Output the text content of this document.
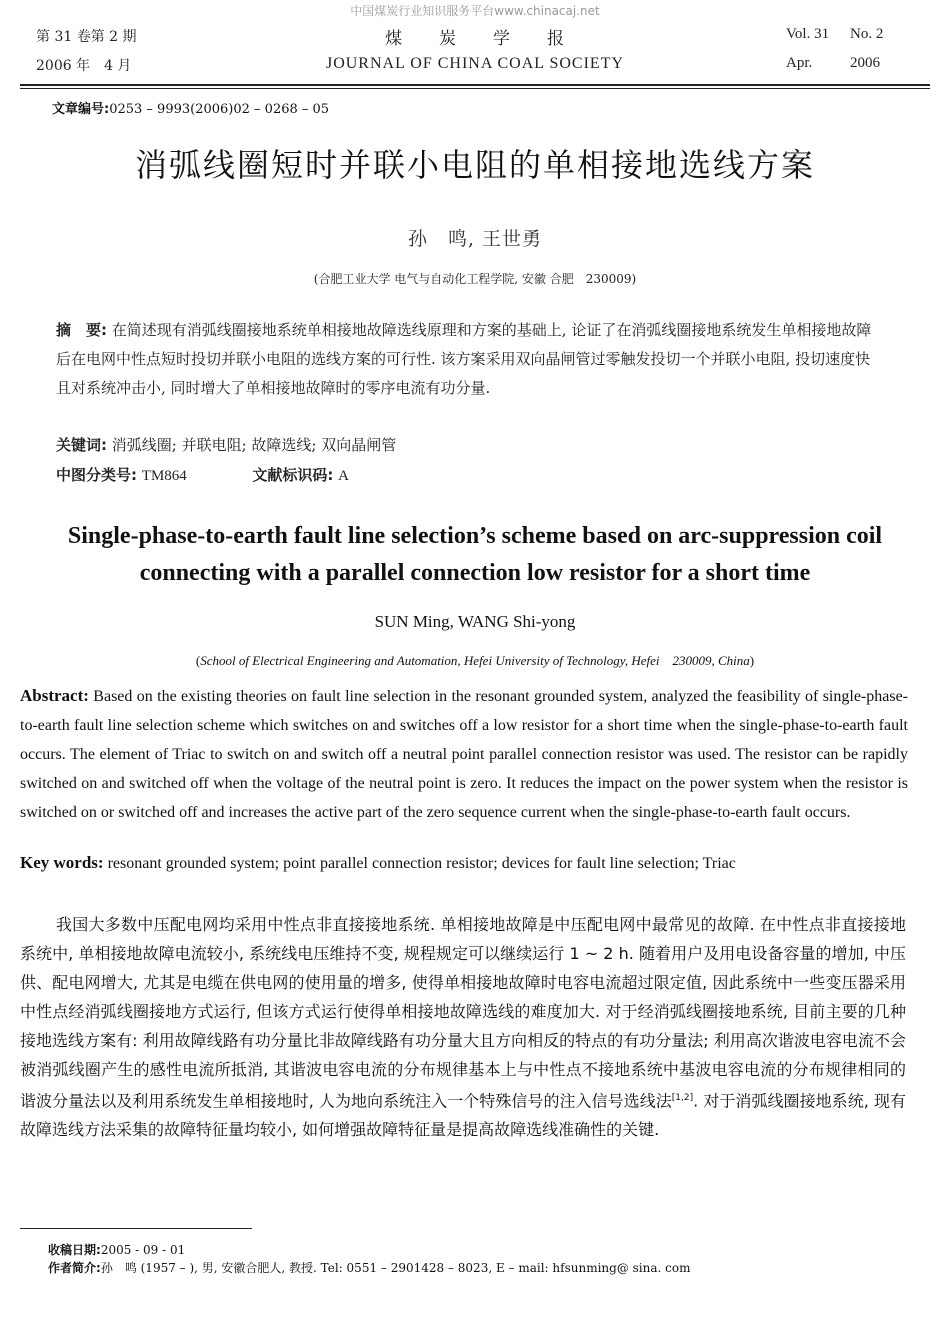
中国煤炭行业知识服务平台www.chinacaj.net
第 31 卷第 2 期
2006 年　4 月
煤　　炭　　学　　报
JOURNAL OF CHINA COAL SOCIETY
Vol. 31 No. 2
Apr.	2006
文章编号:0253 – 9993(2006)02 – 0268 – 05
消弧线圈短时并联小电阻的单相接地选线方案
孙　鸣, 王世勇
(合肥工业大学 电气与自动化工程学院, 安徽 合肥　230009)
摘　要: 在简述现有消弧线圈接地系统单相接地故障选线原理和方案的基础上, 论证了在消弧线圈接地系统发生单相接地故障后在电网中性点短时投切并联小电阻的选线方案的可行性. 该方案采用双向晶闸管过零触发投切一个并联小电阻, 投切速度快且对系统冲击小, 同时增大了单相接地故障时的零序电流有功分量.
关键词: 消弧线圈; 并联电阻; 故障选线; 双向晶闸管
中图分类号: TM864	文献标识码: A
Single-phase-to-earth fault line selection’s scheme based on arc-suppression coil connecting with a parallel connection low resistor for a short time
SUN Ming, WANG Shi-yong
(School of Electrical Engineering and Automation, Hefei University of Technology, Hefei　230009, China)
Abstract: Based on the existing theories on fault line selection in the resonant grounded system, analyzed the feasibility of single-phase-to-earth fault line selection scheme which switches on and switches off a low resistor for a short time when the single-phase-to-earth fault occurs. The element of Triac to switch on and switch off a neutral point parallel connection resistor was used. The resistor can be rapidly switched on and switched off when the voltage of the neutral point is zero. It reduces the impact on the power system when the resistor is switched on or switched off and increases the active part of the zero sequence current when the single-phase-to-earth fault occurs.
Key words: resonant grounded system; point parallel connection resistor; devices for fault line selection; Triac

我国大多数中压配电网均采用中性点非直接接地系统. 单相接地故障是中压配电网中最常见的故障. 在中性点非直接接地系统中, 单相接地故障电流较小, 系统线电压维持不变, 规程规定可以继续运行 1 ~ 2 h. 随着用户及用电设备容量的增加, 中压供、配电网增大, 尤其是电缆在供电网的使用量的增多, 使得单相接地故障时电容电流超过限定值, 因此系统中一些变压器采用中性点经消弧线圈接地方式运行, 但该方式运行使得单相接地故障选线的难度加大. 对于经消弧线圈接地系统, 目前主要的几种接地选线方案有: 利用故障线路有功分量比非故障线路有功分量大且方向相反的特点的有功分量法; 利用高次谐波电容电流不会被消弧线圈产生的感性电流所抵消, 其谐波电容电流的分布规律基本上与中性点不接地系统中基波电容电流的分布规律相同的谐波分量法以及利用系统发生单相接地时, 人为地向系统注入一个特殊信号的注入信号选线法[1,2]. 对于消弧线圈接地系统, 现有故障选线方法采集的故障特征量均较小, 如何增强故障特征量是提高故障选线准确性的关键.

收稿日期:2005 - 09 - 01
作者简介:孙　鸣 (1957 – ), 男, 安徽合肥人, 教授. Tel: 0551 – 2901428 – 8023, E – mail: hfsunming@ sina. com
